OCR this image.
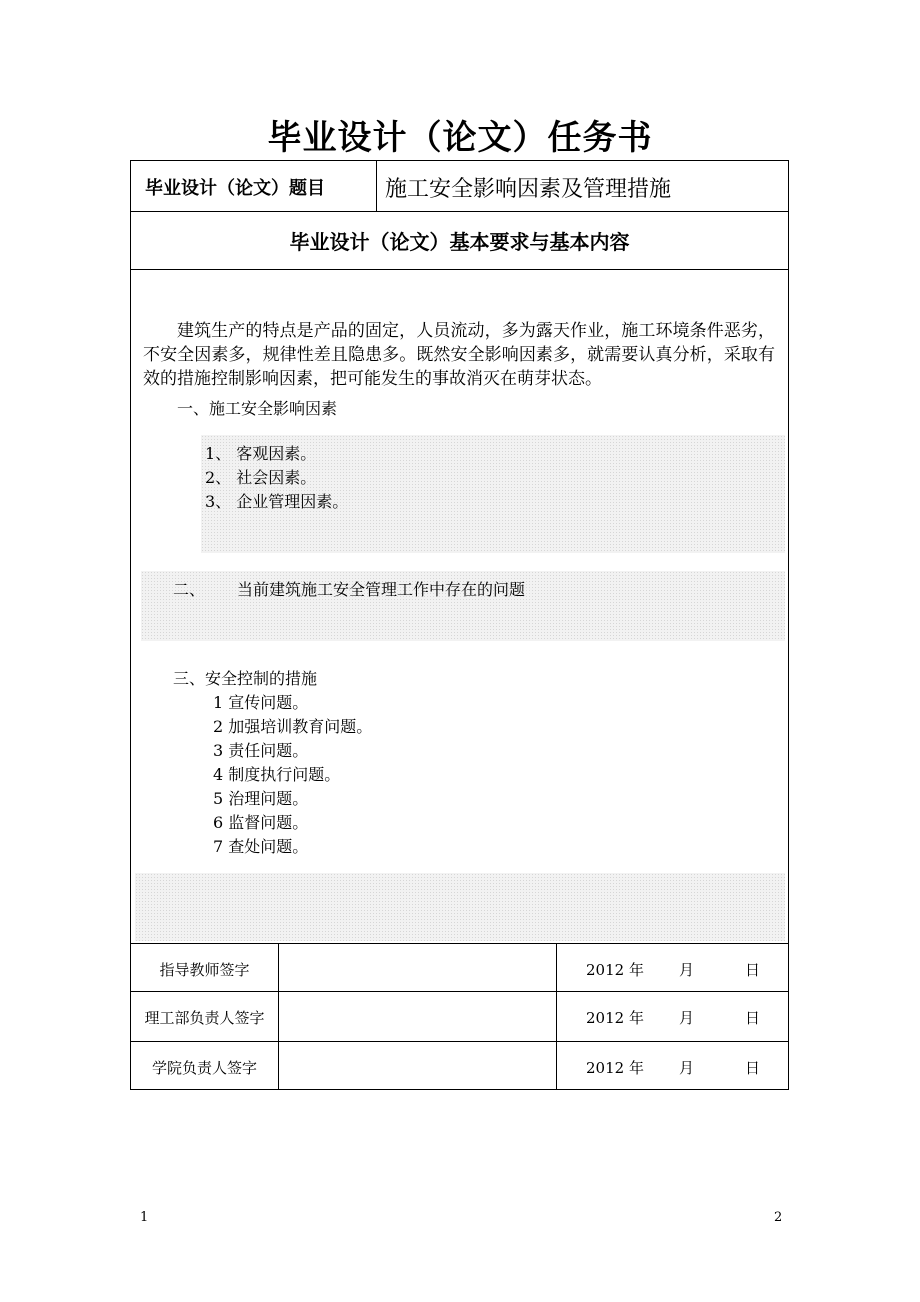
毕业设计（论文）任务书
毕业设计（论文）题目	施工安全影响因素及管理措施
毕业设计（论文）基本要求与基本内容
建筑生产的特点是产品的固定，人员流动，多为露天作业，施工环境条件恶劣，不安全因素多，规律性差且隐患多。既然安全影响因素多，就需要认真分析，采取有效的措施控制影响因素，把可能发生的事故消灭在萌芽状态。
一、施工安全影响因素
1、 客观因素。
2、 社会因素。
3、 企业管理因素。
二、 当前建筑施工安全管理工作中存在的问题
三、安全控制的措施
1 宣传问题。
2 加强培训教育问题。
3 责任问题。
4 制度执行问题。
5 治理问题。
6 监督问题。
7 查处问题。
指导教师签字	2012 年 月	日
理工部负责人签字	2012 年 月	日
学院负责人签字	2012 年 月	日
1	2
